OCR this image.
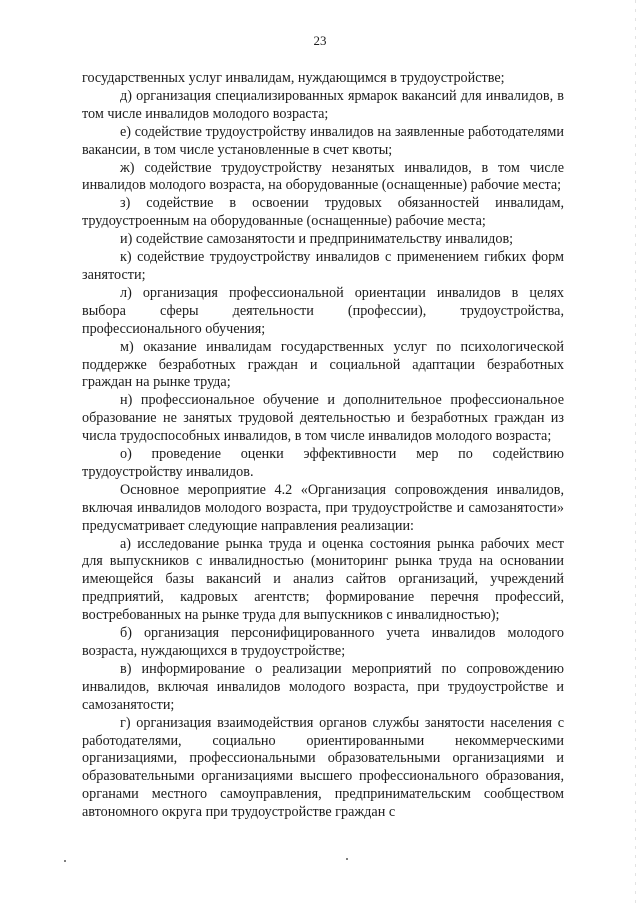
23

государственных услуг инвалидам, нуждающимся в трудоустройстве;

д) организация специализированных ярмарок вакансий для инвалидов, в том числе инвалидов молодого возраста;

е) содействие трудоустройству инвалидов на заявленные работодателями вакансии, в том числе установленные в счет квоты;

ж) содействие трудоустройству незанятых инвалидов, в том числе инвалидов молодого возраста, на оборудованные (оснащенные) рабочие места;

з) содействие в освоении трудовых обязанностей инвалидам, трудоустроенным на оборудованные (оснащенные) рабочие места;

и) содействие самозанятости и предпринимательству инвалидов;

к) содействие трудоустройству инвалидов с применением гибких форм занятости;

л) организация профессиональной ориентации инвалидов в целях выбора сферы деятельности (профессии), трудоустройства, профессионального обучения;

м) оказание инвалидам государственных услуг по психологической поддержке безработных граждан и социальной адаптации безработных граждан на рынке труда;

н) профессиональное обучение и дополнительное профессиональное образование не занятых трудовой деятельностью и безработных граждан из числа трудоспособных инвалидов, в том числе инвалидов молодого возраста;

о) проведение оценки эффективности мер по содействию трудоустройству инвалидов.

Основное мероприятие 4.2 «Организация сопровождения инвалидов, включая инвалидов молодого возраста, при трудоустройстве и самозанятости» предусматривает следующие направления реализации:

а) исследование рынка труда и оценка состояния рынка рабочих мест для выпускников с инвалидностью (мониторинг рынка труда на основании имеющейся базы вакансий и анализ сайтов организаций, учреждений предприятий, кадровых агентств; формирование перечня профессий, востребованных на рынке труда для выпускников с инвалидностью);

б) организация персонифицированного учета инвалидов молодого возраста, нуждающихся в трудоустройстве;

в) информирование о реализации мероприятий по сопровождению инвалидов, включая инвалидов молодого возраста, при трудоустройстве и самозанятости;

г) организация взаимодействия органов службы занятости населения с работодателями, социально ориентированными некоммерческими организациями, профессиональными образовательными организациями и образовательными организациями высшего профессионального образования, органами местного самоуправления, предпринимательским сообществом автономного округа при трудоустройстве граждан с
